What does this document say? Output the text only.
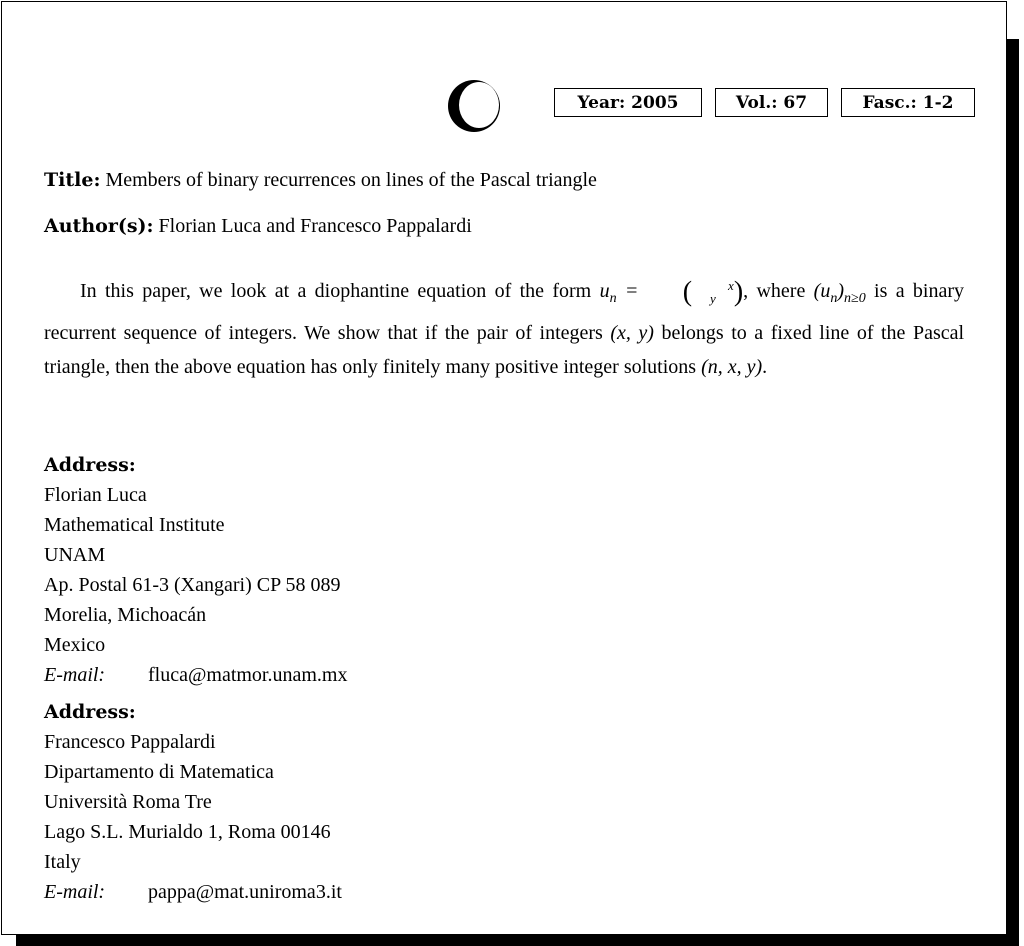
Year: 2005	Vol.: 67	Fasc.: 1-2
Title: Members of binary recurrences on lines of the Pascal triangle
Author(s): Florian Luca and Francesco Pappalardi
In this paper, we look at a diophantine equation of the form $u_n$ = (	x
y ), where $(u_n)_{n\ge 0}$ is a binary recurrent sequence of integers. We show that if the pair of integers (x, y) belongs to a fixed line of the Pascal triangle, then the above equation has only finitely many positive integer solutions (n, x, y).
Address:
Florian Luca
Mathematical Institute
UNAM
Ap. Postal 61-3 (Xangari) CP 58 089
Morelia, Michoacán
Mexico
E-mail: fluca@matmor.unam.mx
Address:
Francesco Pappalardi
Dipartamento di Matematica
Università Roma Tre
Lago S.L. Murialdo 1, Roma 00146
Italy
E-mail: pappa@mat.uniroma3.it
